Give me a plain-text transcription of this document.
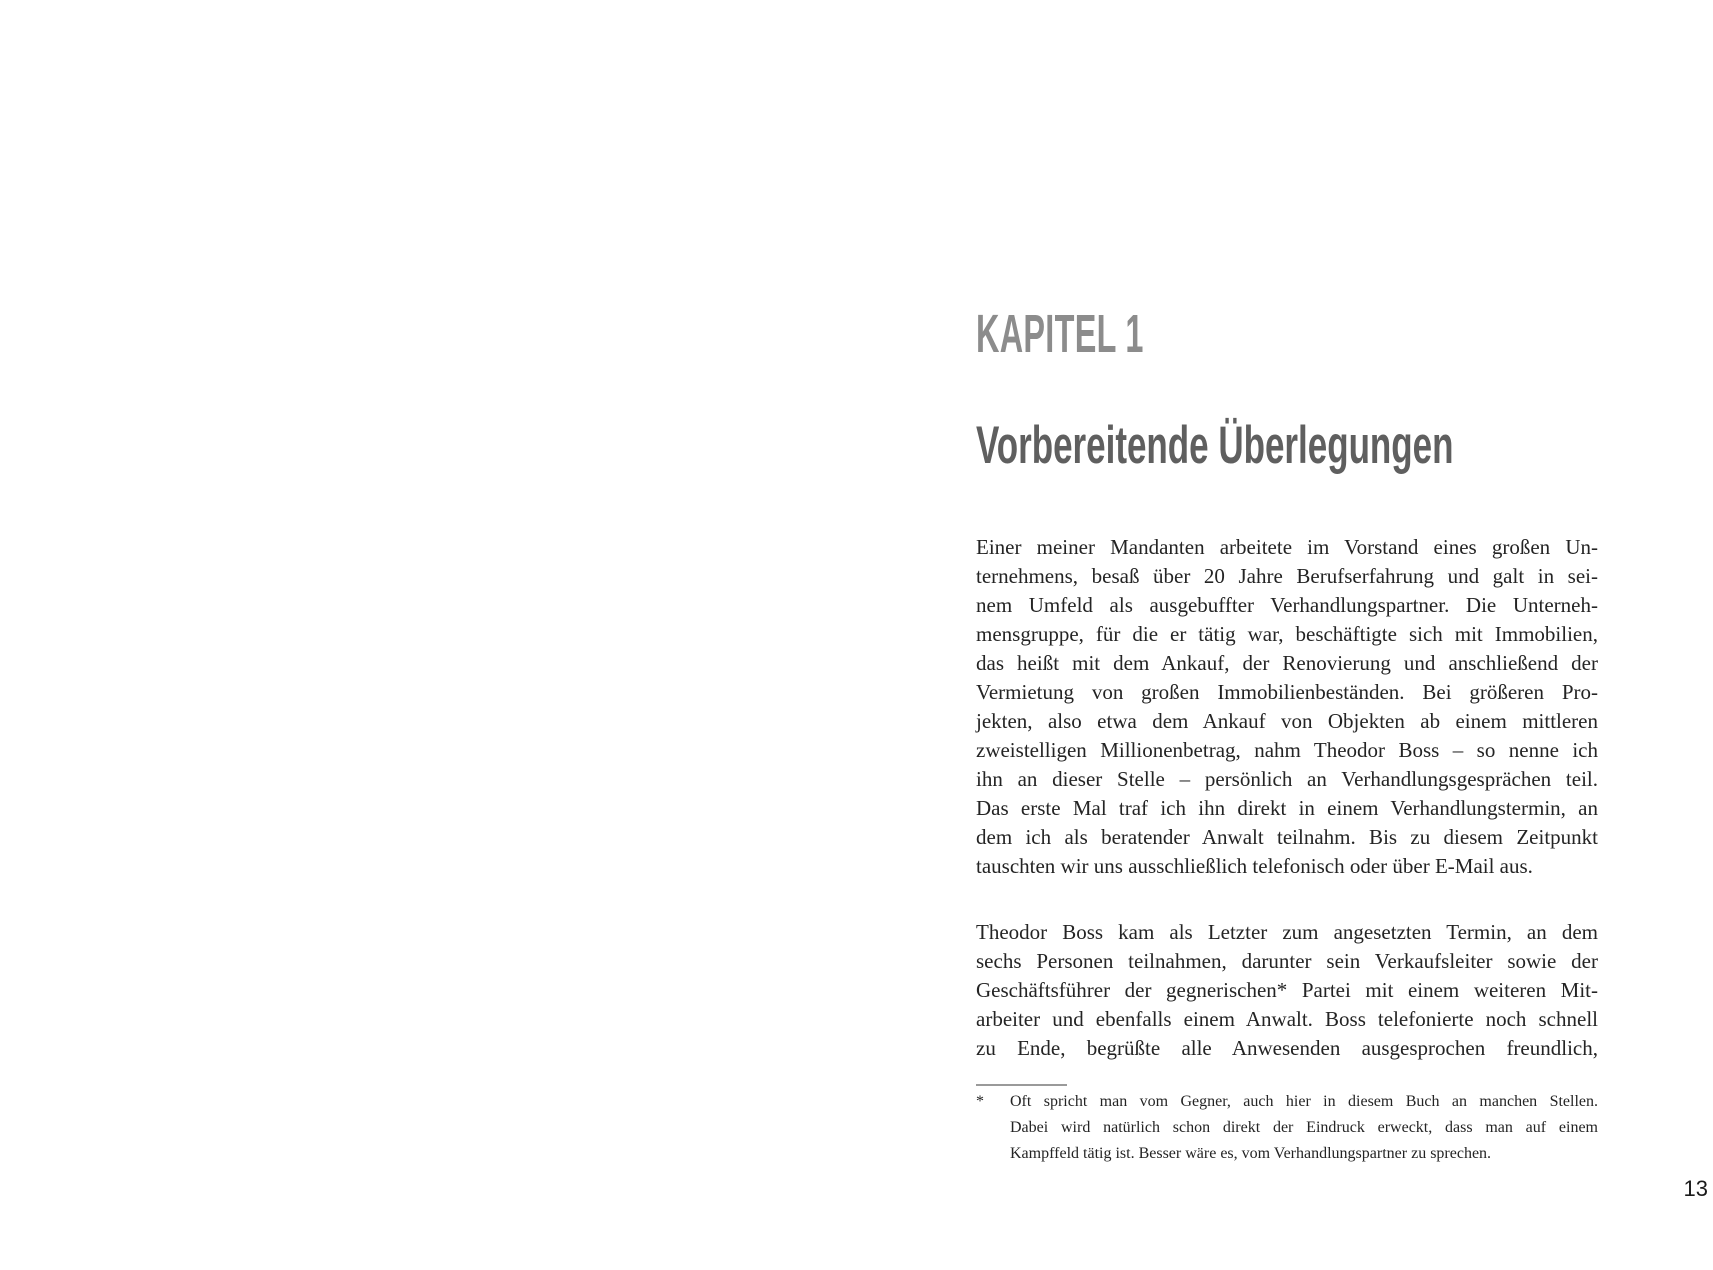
KAPITEL 1
Vorbereitende Überlegungen
Einer meiner Mandanten arbeitete im Vorstand eines großen Un-
ternehmens, besaß über 20 Jahre Berufserfahrung und galt in sei-
nem Umfeld als ausgebuffter Verhandlungspartner. Die Unterneh-
mensgruppe, für die er tätig war, beschäftigte sich mit Immobilien,
das heißt mit dem Ankauf, der Renovierung und anschließend der
Vermietung von großen Immobilienbeständen. Bei größeren Pro-
jekten, also etwa dem Ankauf von Objekten ab einem mittleren
zweistelligen Millionenbetrag, nahm Theodor Boss – so nenne ich
ihn an dieser Stelle – persönlich an Verhandlungsgesprächen teil.
Das erste Mal traf ich ihn direkt in einem Verhandlungstermin, an
dem ich als beratender Anwalt teilnahm. Bis zu diesem Zeitpunkt
tauschten wir uns ausschließlich telefonisch oder über E-Mail aus.
Theodor Boss kam als Letzter zum angesetzten Termin, an dem
sechs Personen teilnahmen, darunter sein Verkaufsleiter sowie der
Geschäftsführer der gegnerischen* Partei mit einem weiteren Mit-
arbeiter und ebenfalls einem Anwalt. Boss telefonierte noch schnell
zu Ende, begrüßte alle Anwesenden ausgesprochen freundlich,
* Oft spricht man vom Gegner, auch hier in diesem Buch an manchen Stellen.
Dabei wird natürlich schon direkt der Eindruck erweckt, dass man auf einem
Kampffeld tätig ist. Besser wäre es, vom Verhandlungspartner zu sprechen.
13
